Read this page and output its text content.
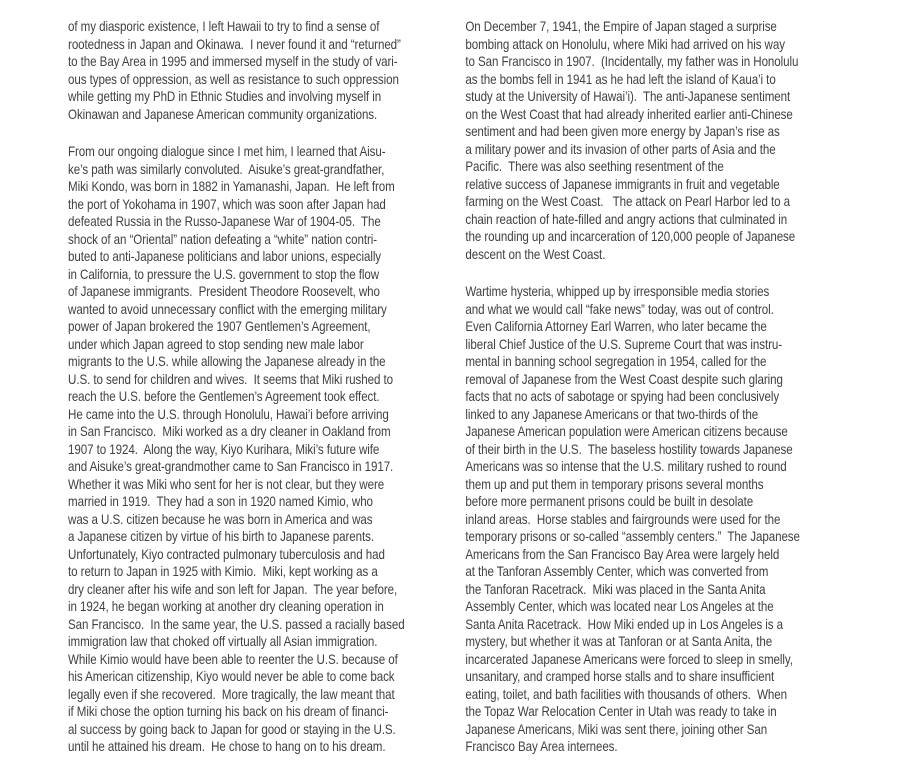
of my diasporic existence, I left Hawaii to try to find a sense of
rootedness in Japan and Okinawa.  I never found it and “returned”
to the Bay Area in 1995 and immersed myself in the study of vari-
ous types of oppression, as well as resistance to such oppression
while getting my PhD in Ethnic Studies and involving myself in
Okinawan and Japanese American community organizations.
From our ongoing dialogue since I met him, I learned that Aisu-
ke’s path was similarly convoluted.  Aisuke’s great-grandfather,
Miki Kondo, was born in 1882 in Yamanashi, Japan.  He left from
the port of Yokohama in 1907, which was soon after Japan had
defeated Russia in the Russo-Japanese War of 1904-05.  The
shock of an “Oriental” nation defeating a “white” nation contri-
buted to anti-Japanese politicians and labor unions, especially
in California, to pressure the U.S. government to stop the flow
of Japanese immigrants.  President Theodore Roosevelt, who
wanted to avoid unnecessary conflict with the emerging military
power of Japan brokered the 1907 Gentlemen’s Agreement,
under which Japan agreed to stop sending new male labor
migrants to the U.S. while allowing the Japanese already in the
U.S. to send for children and wives.  It seems that Miki rushed to
reach the U.S. before the Gentlemen’s Agreement took effect.
He came into the U.S. through Honolulu, Hawai’i before arriving
in San Francisco.  Miki worked as a dry cleaner in Oakland from
1907 to 1924.  Along the way, Kiyo Kurihara, Miki’s future wife
and Aisuke’s great-grandmother came to San Francisco in 1917.
Whether it was Miki who sent for her is not clear, but they were
married in 1919.  They had a son in 1920 named Kimio, who
was a U.S. citizen because he was born in America and was
a Japanese citizen by virtue of his birth to Japanese parents.
Unfortunately, Kiyo contracted pulmonary tuberculosis and had
to return to Japan in 1925 with Kimio.  Miki, kept working as a
dry cleaner after his wife and son left for Japan.  The year before,
in 1924, he began working at another dry cleaning operation in
San Francisco.  In the same year, the U.S. passed a racially based
immigration law that choked off virtually all Asian immigration.
While Kimio would have been able to reenter the U.S. because of
his American citizenship, Kiyo would never be able to come back
legally even if she recovered.  More tragically, the law meant that
if Miki chose the option turning his back on his dream of financi-
al success by going back to Japan for good or staying in the U.S.
until he attained his dream.  He chose to hang on to his dream.
On December 7, 1941, the Empire of Japan staged a surprise
bombing attack on Honolulu, where Miki had arrived on his way
to San Francisco in 1907.  (Incidentally, my father was in Honolulu
as the bombs fell in 1941 as he had left the island of Kaua’i to
study at the University of Hawai’i).  The anti-Japanese sentiment
on the West Coast that had already inherited earlier anti-Chinese
sentiment and had been given more energy by Japan’s rise as
a military power and its invasion of other parts of Asia and the
Pacific.  There was also seething resentment of the
relative success of Japanese immigrants in fruit and vegetable
farming on the West Coast.   The attack on Pearl Harbor led to a
chain reaction of hate-filled and angry actions that culminated in
the rounding up and incarceration of 120,000 people of Japanese
descent on the West Coast.
Wartime hysteria, whipped up by irresponsible media stories
and what we would call “fake news” today, was out of control.
Even California Attorney Earl Warren, who later became the
liberal Chief Justice of the U.S. Supreme Court that was instru-
mental in banning school segregation in 1954, called for the
removal of Japanese from the West Coast despite such glaring
facts that no acts of sabotage or spying had been conclusively
linked to any Japanese Americans or that two-thirds of the
Japanese American population were American citizens because
of their birth in the U.S.  The baseless hostility towards Japanese
Americans was so intense that the U.S. military rushed to round
them up and put them in temporary prisons several months
before more permanent prisons could be built in desolate
inland areas.  Horse stables and fairgrounds were used for the
temporary prisons or so-called “assembly centers.”  The Japanese
Americans from the San Francisco Bay Area were largely held
at the Tanforan Assembly Center, which was converted from
the Tanforan Racetrack.  Miki was placed in the Santa Anita
Assembly Center, which was located near Los Angeles at the
Santa Anita Racetrack.  How Miki ended up in Los Angeles is a
mystery, but whether it was at Tanforan or at Santa Anita, the
incarcerated Japanese Americans were forced to sleep in smelly,
unsanitary, and cramped horse stalls and to share insufficient
eating, toilet, and bath facilities with thousands of others.  When
the Topaz War Relocation Center in Utah was ready to take in
Japanese Americans, Miki was sent there, joining other San
Francisco Bay Area internees.
